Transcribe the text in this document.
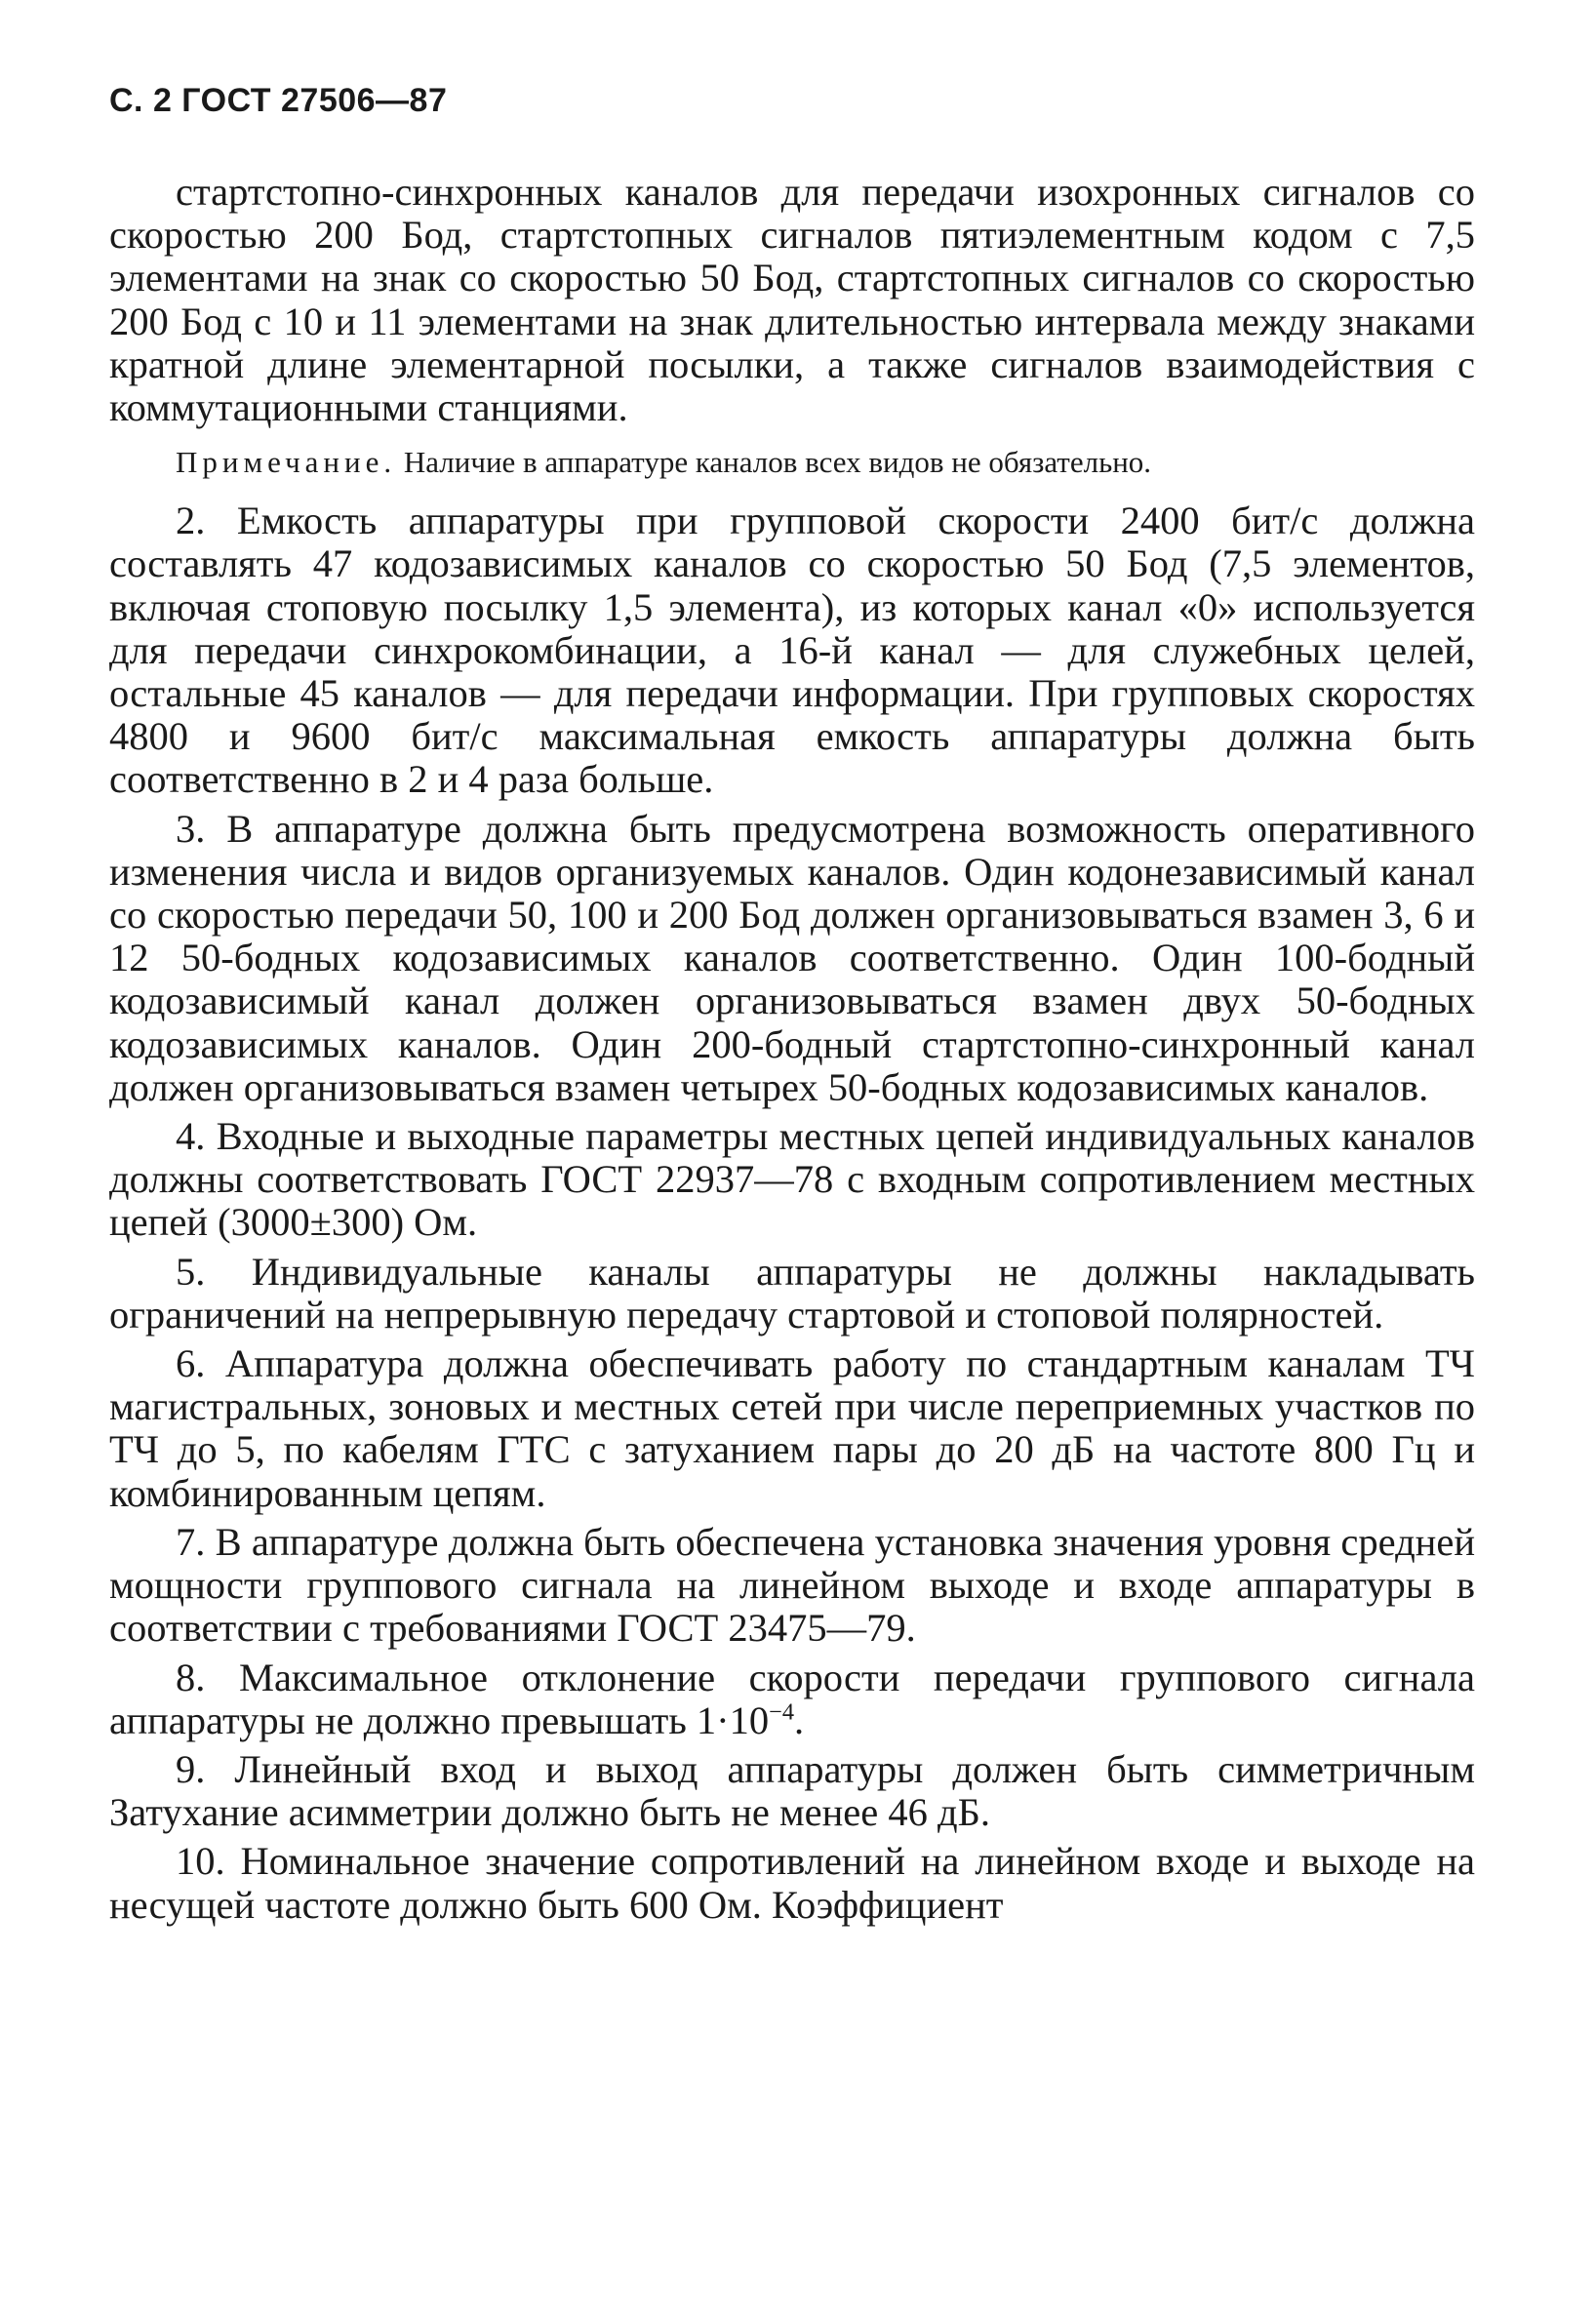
С. 2 ГОСТ 27506—87

стартстопно-синхронных каналов для передачи изохронных сигналов со скоростью 200 Бод, стартстопных сигналов пятиэлементным кодом с 7,5 элементами на знак со скоростью 50 Бод, стартстопных сигналов со скоростью 200 Бод с 10 и 11 элементами на знак длительностью интервала между знаками кратной длине элементарной посылки, а также сигналов взаимодействия с коммутационными станциями.

Примечание. Наличие в аппаратуре каналов всех видов не обязательно.

2. Емкость аппаратуры при групповой скорости 2400 бит/с должна составлять 47 кодозависимых каналов со скоростью 50 Бод (7,5 элементов, включая стоповую посылку 1,5 элемента), из которых канал «0» используется для передачи синхрокомбинации, а 16-й канал — для служебных целей, остальные 45 каналов — для передачи информации. При групповых скоростях 4800 и 9600 бит/с максимальная емкость аппаратуры должна быть соответственно в 2 и 4 раза больше.

3. В аппаратуре должна быть предусмотрена возможность оперативного изменения числа и видов организуемых каналов. Один кодонезависимый канал со скоростью передачи 50, 100 и 200 Бод должен организовываться взамен 3, 6 и 12 50-бодных кодозависимых каналов соответственно. Один 100-бодный кодозависимый канал должен организовываться взамен двух 50-бодных кодозависимых каналов. Один 200-бодный стартстопно-синхронный канал должен организовываться взамен четырех 50-бодных кодозависимых каналов.

4. Входные и выходные параметры местных цепей индивидуальных каналов должны соответствовать ГОСТ 22937—78 с входным сопротивлением местных цепей (3000±300) Ом.

5. Индивидуальные каналы аппаратуры не должны накладывать ограничений на непрерывную передачу стартовой и стоповой полярностей.

6. Аппаратура должна обеспечивать работу по стандартным каналам ТЧ магистральных, зоновых и местных сетей при числе переприемных участков по ТЧ до 5, по кабелям ГТС с затуханием пары до 20 дБ на частоте 800 Гц и комбинированным цепям.

7. В аппаратуре должна быть обеспечена установка значения уровня средней мощности группового сигнала на линейном выходе и входе аппаратуры в соответствии с требованиями ГОСТ 23475—79.

8. Максимальное отклонение скорости передачи группового сигнала аппаратуры не должно превышать $1\cdot 10^{-4}$.

9. Линейный вход и выход аппаратуры должен быть симметричным Затухание асимметрии должно быть не менее 46 дБ.

10. Номинальное значение сопротивлений на линейном входе и выходе на несущей частоте должно быть 600 Ом. Коэффициент
